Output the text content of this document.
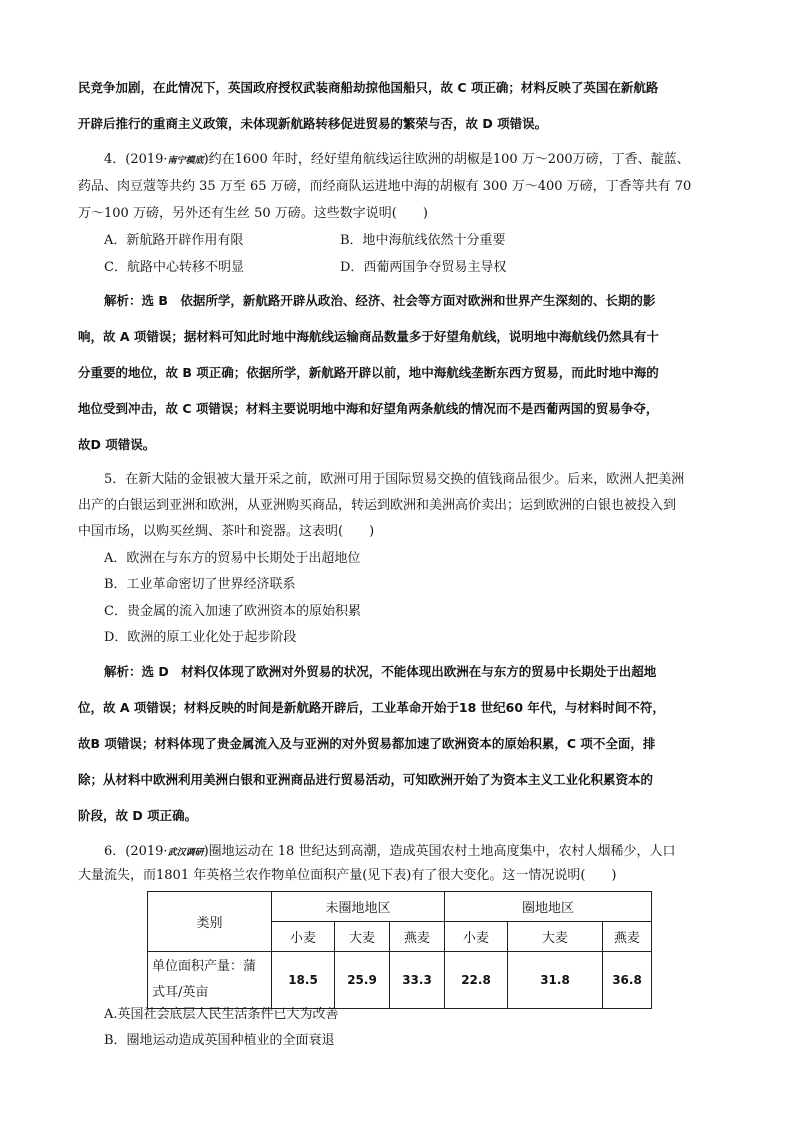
民竞争加剧，在此情况下，英国政府授权武装商船劫掠他国船只，故 C 项正确；材料反映了英国在新航路
开辟后推行的重商主义政策，未体现新航路转移促进贸易的繁荣与否，故 D 项错误。
4．(2019·南宁模底)约在1600 年时，经好望角航线运往欧洲的胡椒是100 万～200万磅，丁香、靛蓝、
药品、肉豆蔻等共约 35 万至 65 万磅，而经商队运进地中海的胡椒有 300 万～400 万磅，丁香等共有 70
万～100 万磅，另外还有生丝 50 万磅。这些数字说明(　　)
A．新航路开辟作用有限	B．地中海航线依然十分重要
C．航路中心转移不明显	D．西葡两国争夺贸易主导权
解析：选 B　依据所学，新航路开辟从政治、经济、社会等方面对欧洲和世界产生深刻的、长期的影
响，故 A 项错误；据材料可知此时地中海航线运输商品数量多于好望角航线，说明地中海航线仍然具有十
分重要的地位，故 B 项正确；依据所学，新航路开辟以前，地中海航线垄断东西方贸易，而此时地中海的
地位受到冲击，故 C 项错误；材料主要说明地中海和好望角两条航线的情况而不是西葡两国的贸易争夺，
故D 项错误。
5．在新大陆的金银被大量开采之前，欧洲可用于国际贸易交换的值钱商品很少。后来，欧洲人把美洲
出产的白银运到亚洲和欧洲，从亚洲购买商品，转运到欧洲和美洲高价卖出；运到欧洲的白银也被投入到
中国市场，以购买丝绸、茶叶和瓷器。这表明(　　)
A．欧洲在与东方的贸易中长期处于出超地位
B．工业革命密切了世界经济联系
C．贵金属的流入加速了欧洲资本的原始积累
D．欧洲的原工业化处于起步阶段
解析：选 D　材料仅体现了欧洲对外贸易的状况，不能体现出欧洲在与东方的贸易中长期处于出超地
位，故 A 项错误；材料反映的时间是新航路开辟后，工业革命开始于18 世纪60 年代，与材料时间不符，
故B 项错误；材料体现了贵金属流入及与亚洲的对外贸易都加速了欧洲资本的原始积累，C 项不全面，排
除；从材料中欧洲利用美洲白银和亚洲商品进行贸易活动，可知欧洲开始了为资本主义工业化积累资本的
阶段，故 D 项正确。
6．(2019·武汉调研)圈地运动在 18 世纪达到高潮，造成英国农村土地高度集中，农村人烟稀少，人口
大量流失，而1801 年英格兰农作物单位面积产量(见下表)有了很大变化。这一情况说明(　　)
类别	未圈地地区			圈地地区		
	小麦	大麦	燕麦	小麦	大麦	燕麦
单位面积产量：蒲式耳/英亩	18.5	25.9	33.3	22.8	31.8	36.8
A.英国社会底层人民生活条件已大为改善
B．圈地运动造成英国种植业的全面衰退
